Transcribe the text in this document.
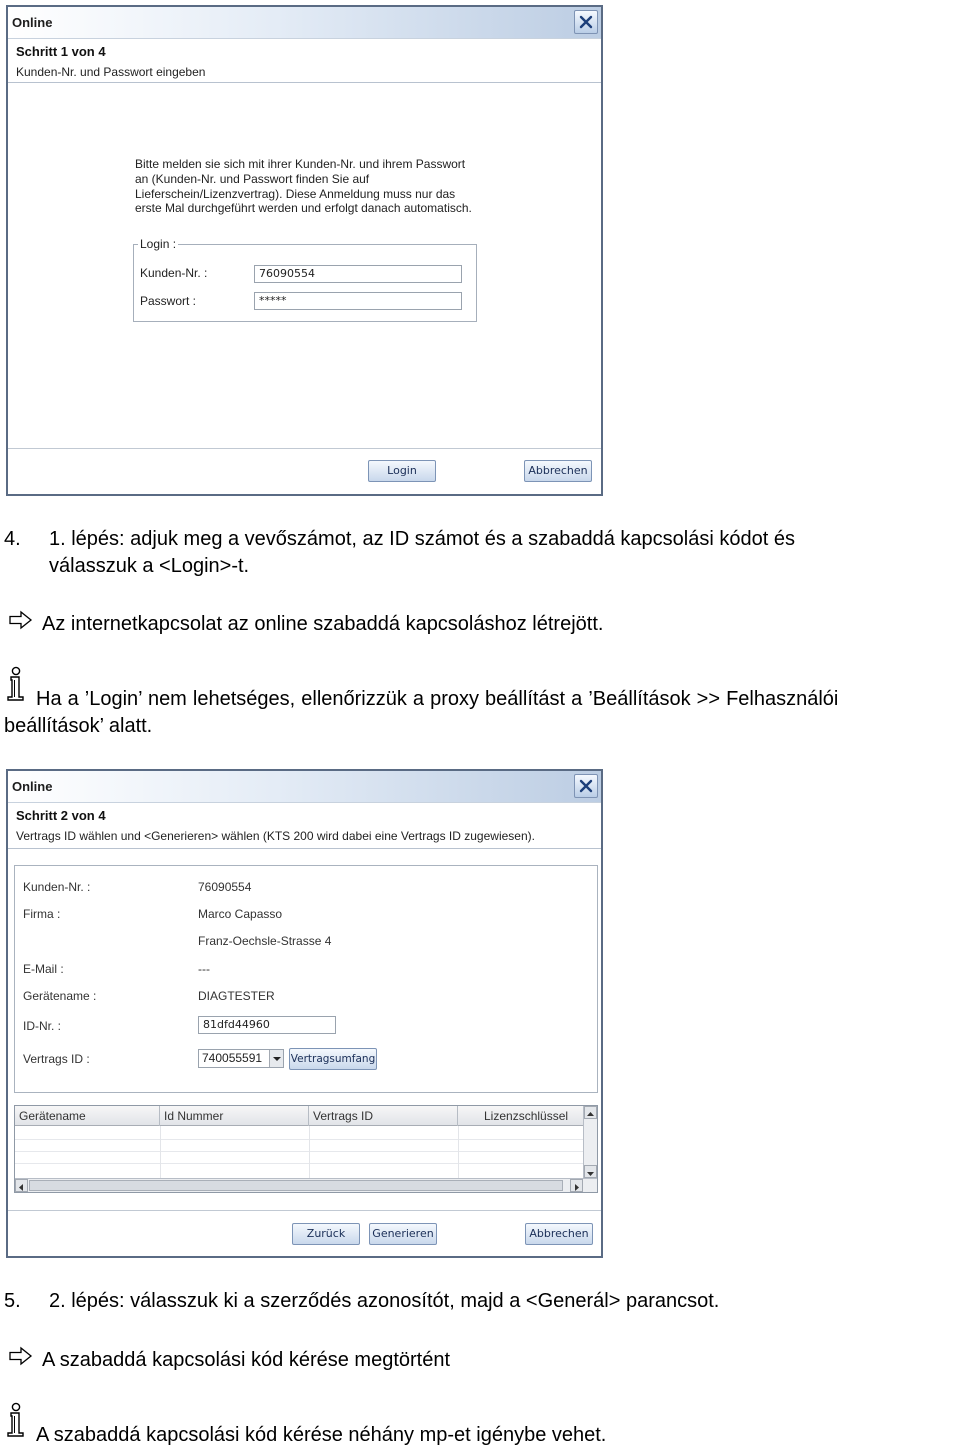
Online
Schritt 1 von 4
Kunden-Nr. und Passwort eingeben
Bitte melden sie sich mit ihrer Kunden-Nr. und ihrem Passwort an (Kunden-Nr. und Passwort finden Sie auf Lieferschein/Lizenzvertrag). Diese Anmeldung muss nur das erste Mal durchgeführt werden und erfolgt danach automatisch.
Login :
Kunden-Nr. :	76090554
Passwort :	*****
Login	Abbrechen
4. 1. lépés: adjuk meg a vevőszámot, az ID számot és a szabaddá kapcsolási kódot és
válasszuk a <Login>-t.
Az internetkapcsolat az online szabaddá kapcsoláshoz létrejött.
Ha a ’Login’ nem lehetséges, ellenőrizzük a proxy beállítást a ’Beállítások >> Felhasználói
beállítások’ alatt.
Online
Schritt 2 von 4
Vertrags ID wählen und <Generieren> wählen (KTS 200 wird dabei eine Vertrags ID zugewiesen).
Kunden-Nr. :	76090554
Firma :	Marco Capasso
Franz-Oechsle-Strasse 4
E-Mail :	---
Gerätename :	DIAGTESTER
ID-Nr. :	81dfd44960
Vertrags ID :	740055591	Vertragsumfang
Gerätename	Id Nummer	Vertrags ID	Lizenzschlüssel
Zurück	Generieren	Abbrechen
5. 2. lépés: válasszuk ki a szerződés azonosítót, majd a <Generál> parancsot.
A szabaddá kapcsolási kód kérése megtörtént
A szabaddá kapcsolási kód kérése néhány mp-et igénybe vehet.
